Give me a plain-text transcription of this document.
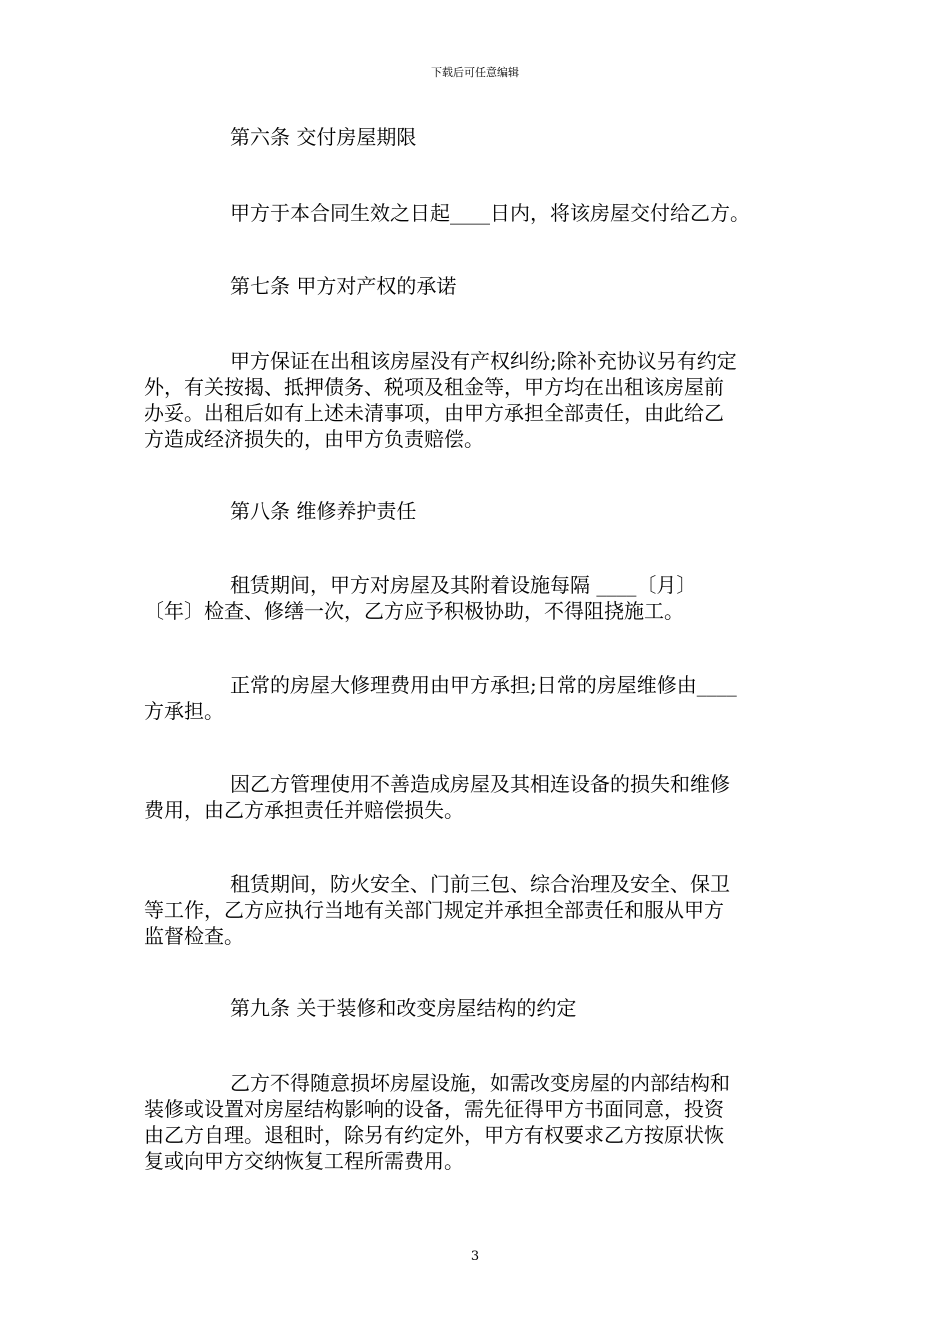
下载后可任意编辑
第六条 交付房屋期限
甲方于本合同生效之日起____日内，将该房屋交付给乙方。
第七条 甲方对产权的承诺
甲方保证在出租该房屋没有产权纠纷;除补充协议另有约定
外，有关按揭、抵押债务、税项及租金等，甲方均在出租该房屋前
办妥。出租后如有上述未清事项，由甲方承担全部责任，由此给乙
方造成经济损失的，由甲方负责赔偿。
第八条 维修养护责任
租赁期间，甲方对房屋及其附着设施每隔 ____〔月〕
〔年〕检查、修缮一次，乙方应予积极协助，不得阻挠施工。
正常的房屋大修理费用由甲方承担;日常的房屋维修由____
方承担。
因乙方管理使用不善造成房屋及其相连设备的损失和维修
费用，由乙方承担责任并赔偿损失。
租赁期间，防火安全、门前三包、综合治理及安全、保卫
等工作，乙方应执行当地有关部门规定并承担全部责任和服从甲方
监督检查。
第九条 关于装修和改变房屋结构的约定
乙方不得随意损坏房屋设施，如需改变房屋的内部结构和
装修或设置对房屋结构影响的设备，需先征得甲方书面同意，投资
由乙方自理。退租时，除另有约定外，甲方有权要求乙方按原状恢
复或向甲方交纳恢复工程所需费用。
3
